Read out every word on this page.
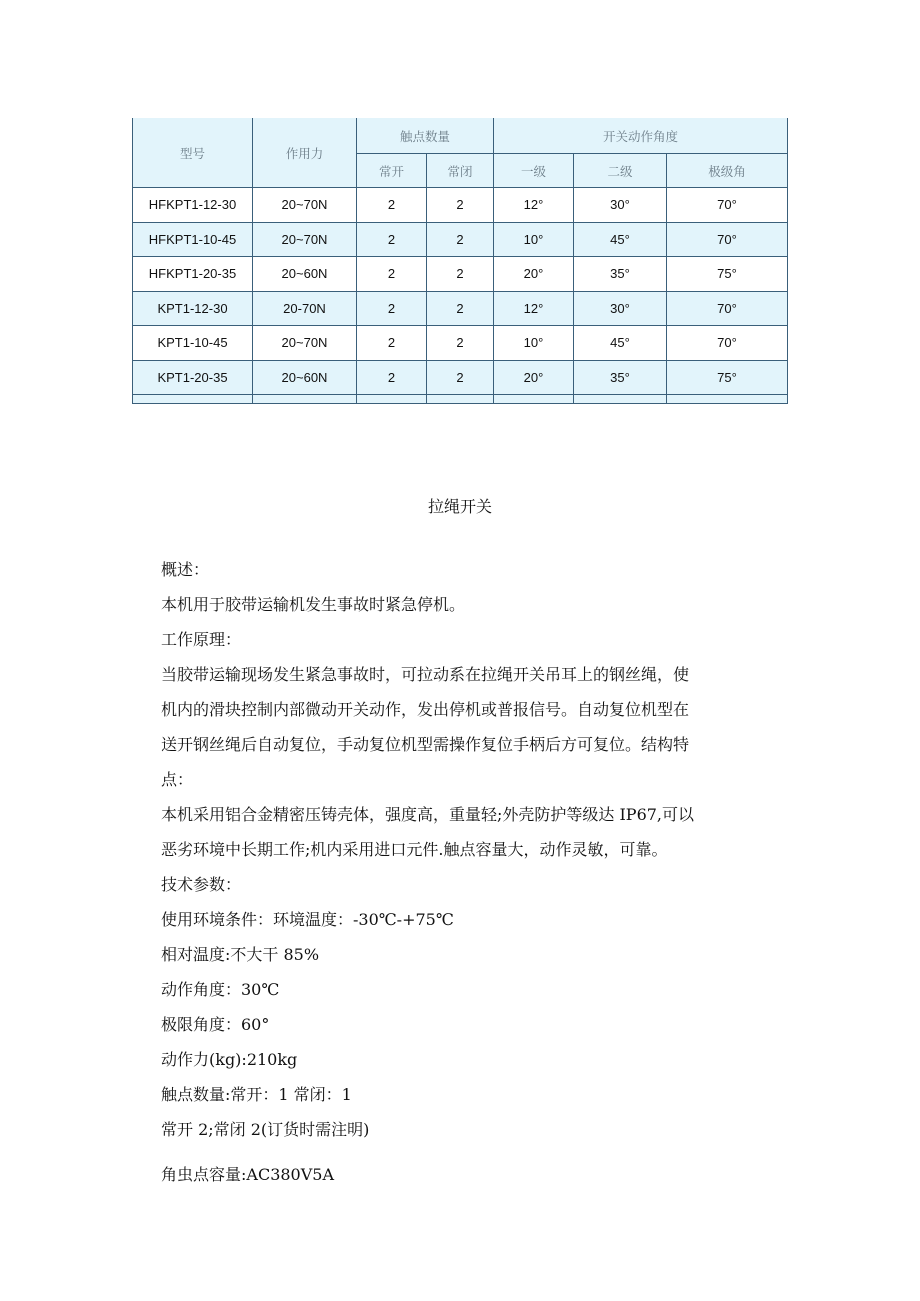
型号	作用力	触点数量		开关动作角度		
		常开	常闭	一级	二级	极级角
HFKPT1-12-30	20~70N	2	2	12°	30°	70°
HFKPT1-10-45	20~70N	2	2	10°	45°	70°
HFKPT1-20-35	20~60N	2	2	20°	35°	75°
KPT1-12-30	20-70N	2	2	12°	30°	70°
KPT1-10-45	20~70N	2	2	10°	45°	70°
KPT1-20-35	20~60N	2	2	20°	35°	75°

拉绳开关

概述：

本机用于胶带运输机发生事故时紧急停机。

工作原理：

当胶带运输现场发生紧急事故时，可拉动系在拉绳开关吊耳上的钢丝绳，使

机内的滑块控制内部微动开关动作，发出停机或普报信号。自动复位机型在

送开钢丝绳后自动复位，手动复位机型需操作复位手柄后方可复位。结构特

点：

本机采用铝合金精密压铸壳体，强度高，重量轻;外壳防护等级达 IP67,可以

恶劣环境中长期工作;机内采用进口元件.触点容量大，动作灵敏，可靠。

技术参数：

使用环境条件：环境温度：-30℃-+75℃

相对温度:不大干 85%

动作角度：30℃

极限角度：60°

动作力(kg):210kg

触点数量:常开：1 常闭：1

常开 2;常闭 2(订货时需注明)

角虫点容量:AC380V5A
